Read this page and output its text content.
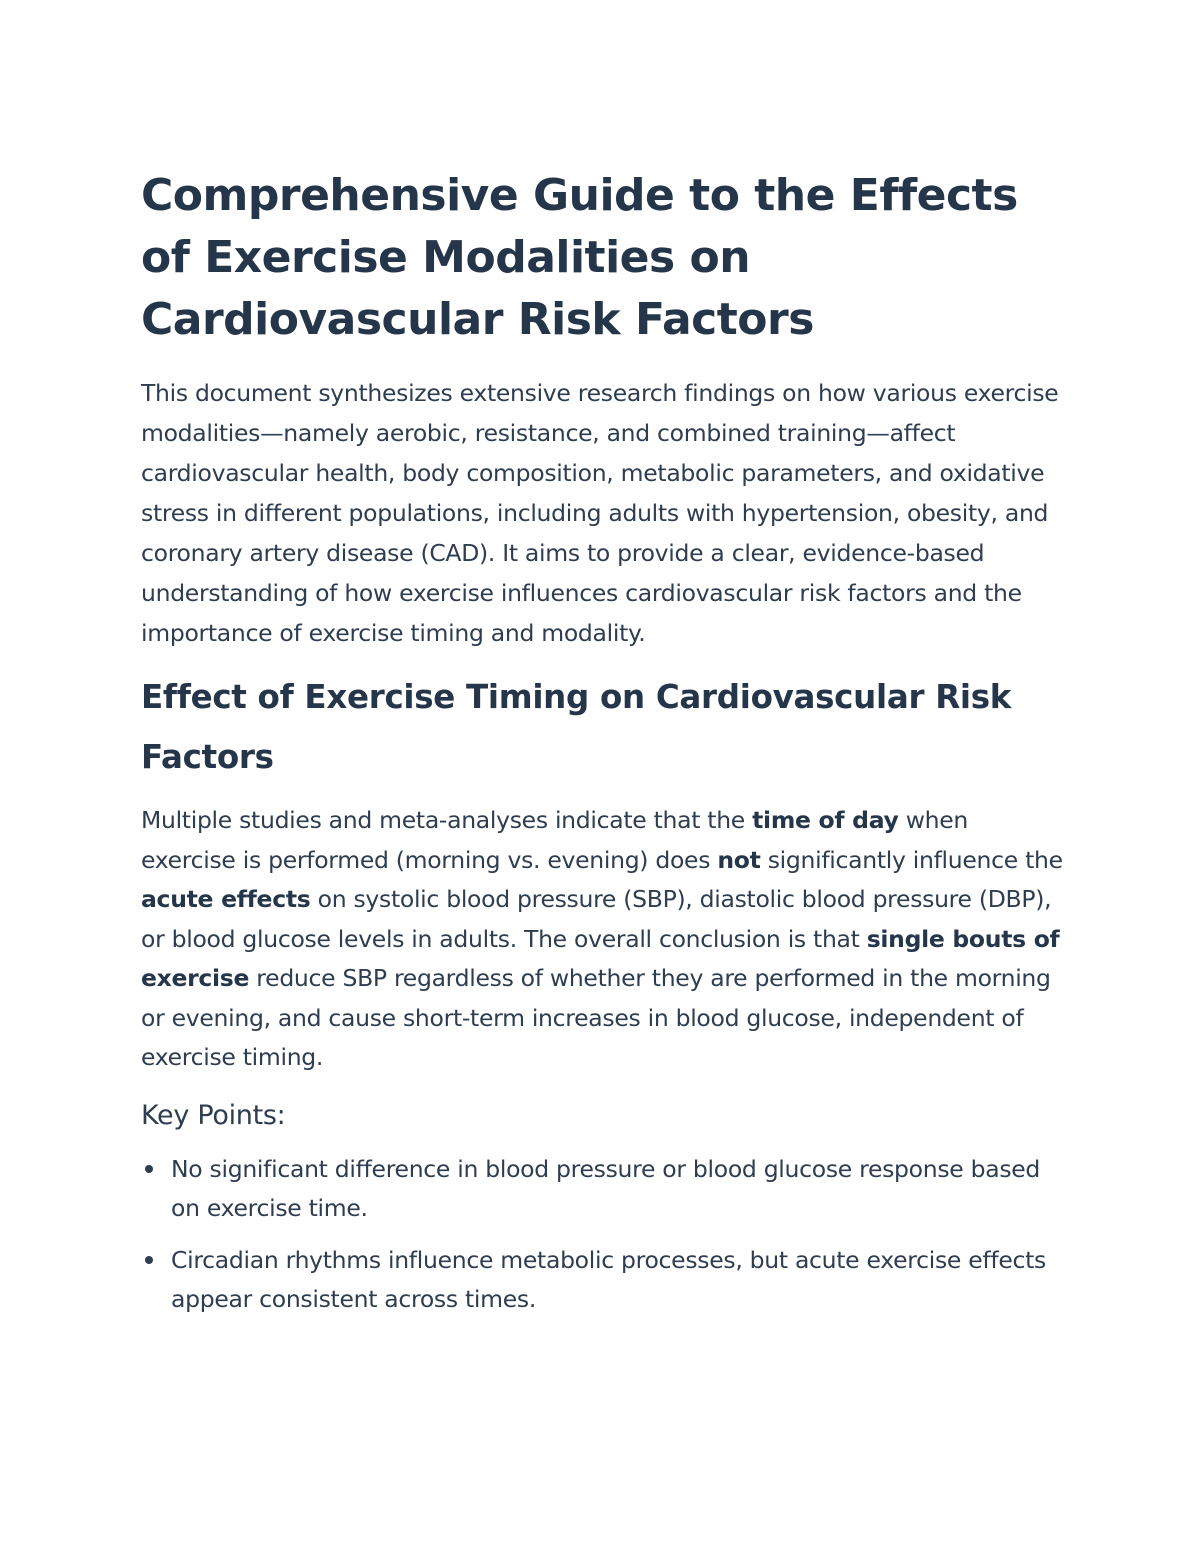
Comprehensive Guide to the Effects of Exercise Modalities on Cardiovascular Risk Factors

This document synthesizes extensive research findings on how various exercise modalities—namely aerobic, resistance, and combined training—affect cardiovascular health, body composition, metabolic parameters, and oxidative stress in different populations, including adults with hypertension, obesity, and coronary artery disease (CAD). It aims to provide a clear, evidence-based understanding of how exercise influences cardiovascular risk factors and the importance of exercise timing and modality.

Effect of Exercise Timing on Cardiovascular Risk Factors

Multiple studies and meta-analyses indicate that the time of day when exercise is performed (morning vs. evening) does not significantly influence the acute effects on systolic blood pressure (SBP), diastolic blood pressure (DBP), or blood glucose levels in adults. The overall conclusion is that single bouts of exercise reduce SBP regardless of whether they are performed in the morning or evening, and cause short-term increases in blood glucose, independent of exercise timing.

Key Points:
No significant difference in blood pressure or blood glucose response based on exercise time.
Circadian rhythms influence metabolic processes, but acute exercise effects appear consistent across times.
